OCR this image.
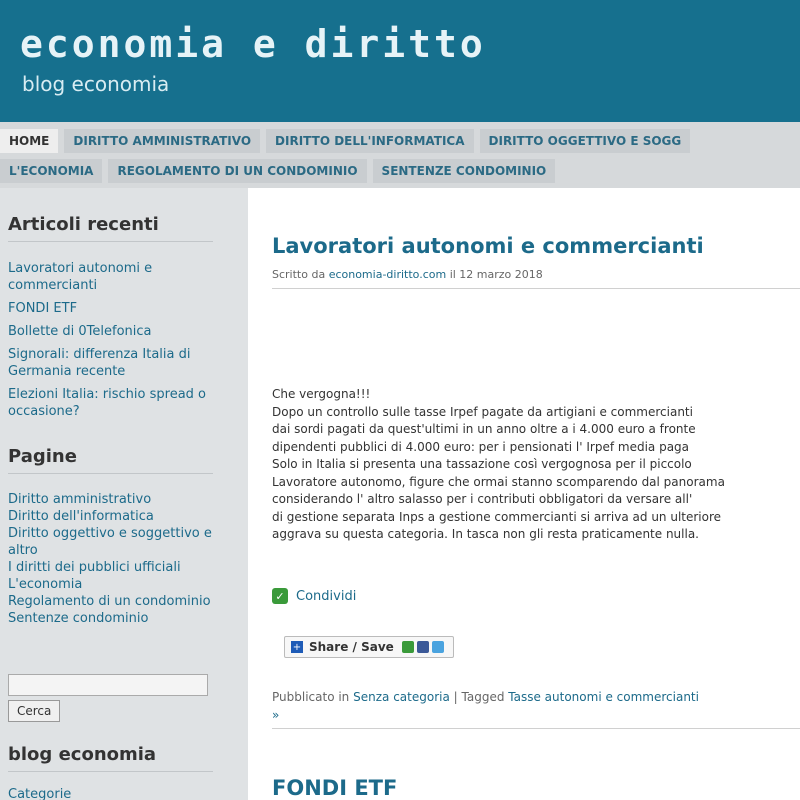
economia e diritto
blog economia
HOME	DIRITTO AMMINISTRATIVO	DIRITTO DELL'INFORMATICA	DIRITTO OGGETTIVO E SOGG
L'ECONOMIA	REGOLAMENTO DI UN CONDOMINIO	SENTENZE CONDOMINIO
Articoli recenti
Lavoratori autonomi e commercianti
FONDI ETF
Bollette di 0Telefonica
Signorali: differenza Italia di Germania recente
Elezioni Italia: rischio spread o occasione?
Pagine
Diritto amministrativo
Diritto dell'informatica
Diritto oggettivo e soggettivo e altro
I diritti dei pubblici ufficiali
L'economia
Regolamento di un condominio
Sentenze condominio
Cerca
blog economia
Categorie
Lavoratori autonomi e commercianti
Scritto da economia-diritto.com il 12 marzo 2018

Che vergogna!!!

Dopo un controllo sulle tasse Irpef pagate da artigiani e commercianti

dai sordi pagati da quest'ultimi in un anno oltre a i 4.000 euro a fronte

dipendenti pubblici di 4.000 euro: per i pensionati l' Irpef media paga

Solo in Italia si presenta una tassazione così vergognosa per il piccolo

Lavoratore autonomo, figure che ormai stanno scomparendo dal panorama

considerando l' altro salasso per i contributi obbligatori da versare all'

di gestione separata Inps a gestione commercianti si arriva ad un ulteriore

aggrava su questa categoria. In tasca non gli resta praticamente nulla.

✓ Condividi
+ Share / Save
Pubblicato in Senza categoria | Tagged Tasse autonomi e commercianti
»
FONDI ETF
